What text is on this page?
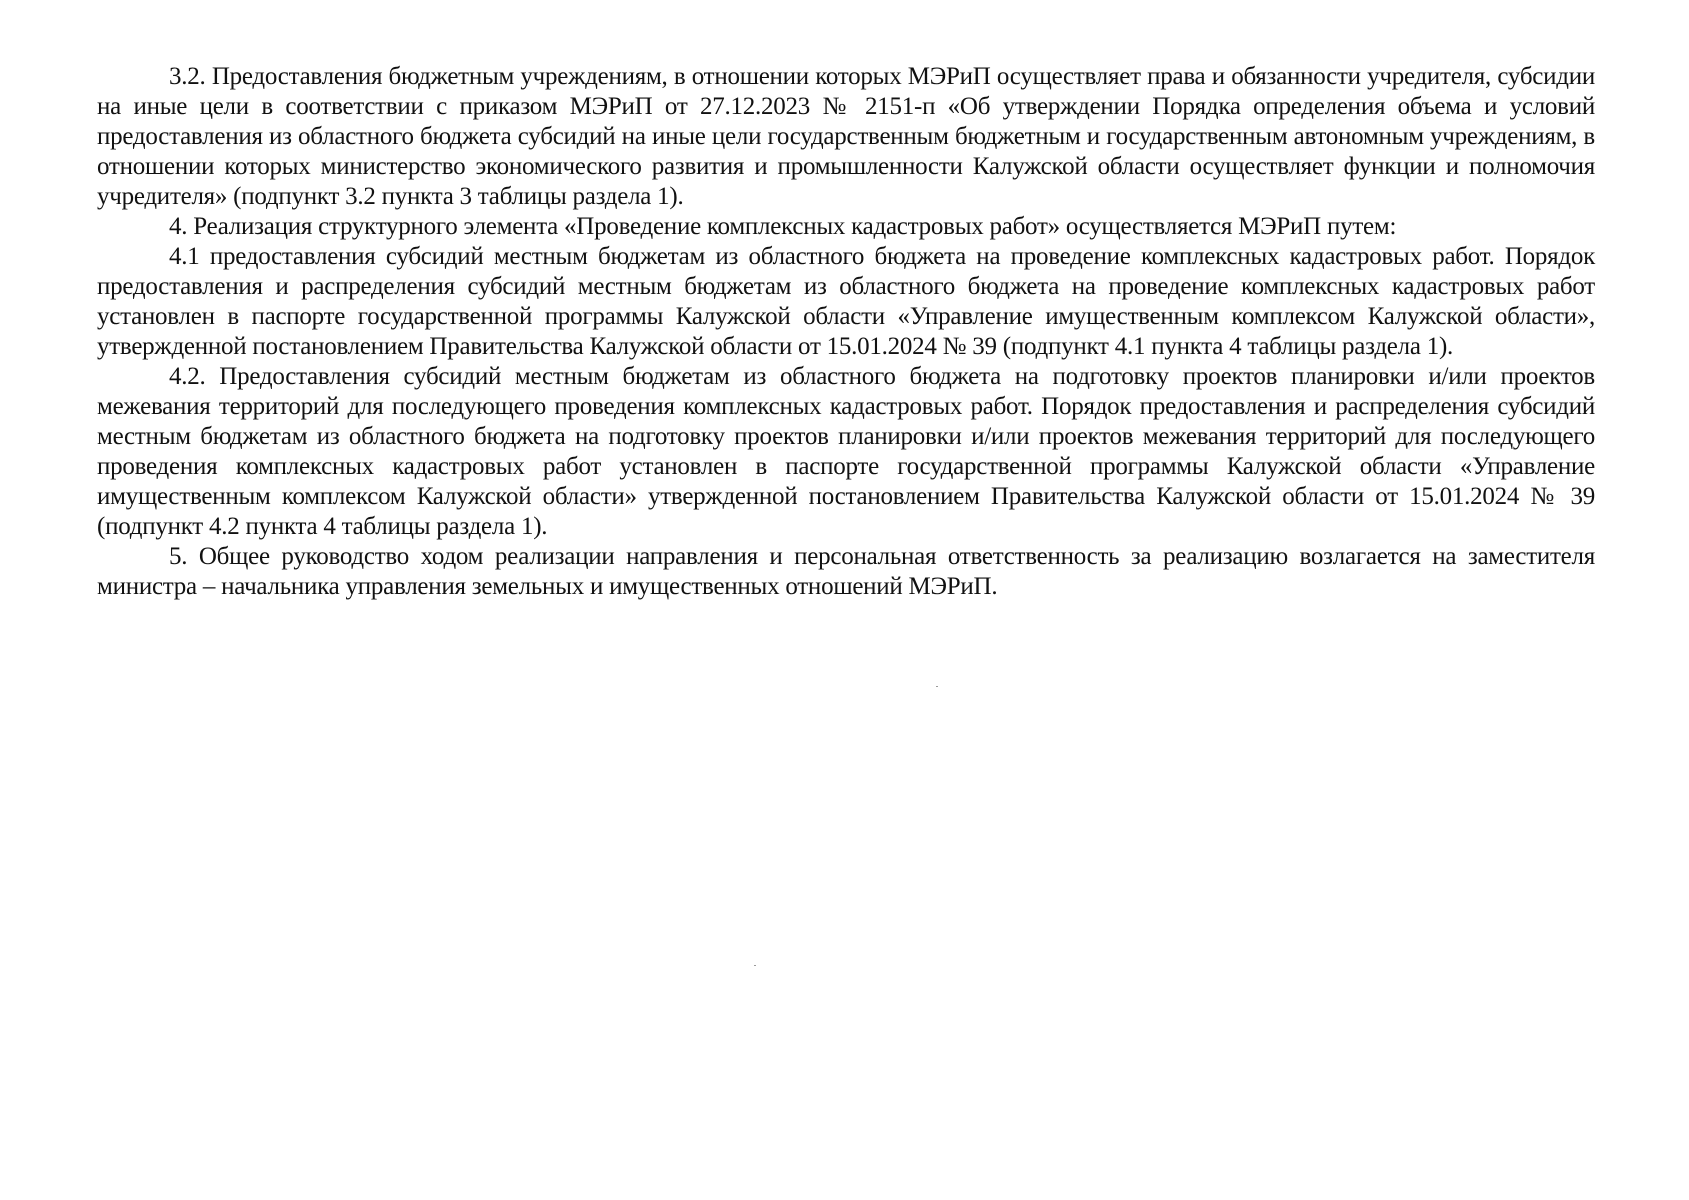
3.2. Предоставления бюджетным учреждениям, в отношении которых МЭРиП осуществляет права и обязанности учредителя, субсидии на иные цели в соответствии с приказом МЭРиП от 27.12.2023 № 2151-п «Об утверждении Порядка определения объема и условий предоставления из областного бюджета субсидий на иные цели государственным бюджетным и государственным автономным учреждениям, в отношении которых министерство экономического развития и промышленности Калужской области осуществляет функции и полномочия учредителя» (подпункт 3.2 пункта 3 таблицы раздела 1).

4. Реализация структурного элемента «Проведение комплексных кадастровых работ» осуществляется МЭРиП путем:

4.1 предоставления субсидий местным бюджетам из областного бюджета на проведение комплексных кадастровых работ. Порядок предоставления и распределения субсидий местным бюджетам из областного бюджета на проведение комплексных кадастровых работ установлен в паспорте государственной программы Калужской области «Управление имущественным комплексом Калужской области», утвержденной постановлением Правительства Калужской области от 15.01.2024 № 39 (подпункт 4.1 пункта 4 таблицы раздела 1).

4.2. Предоставления субсидий местным бюджетам из областного бюджета на подготовку проектов планировки и/или проектов межевания территорий для последующего проведения комплексных кадастровых работ. Порядок предоставления и распределения субсидий местным бюджетам из областного бюджета на подготовку проектов планировки и/или проектов межевания территорий для последующего проведения комплексных кадастровых работ установлен в паспорте государственной программы Калужской области «Управление имущественным комплексом Калужской области» утвержденной постановлением Правительства Калужской области от 15.01.2024 № 39 (подпункт 4.2 пункта 4 таблицы раздела 1).

5. Общее руководство ходом реализации направления и персональная ответственность за реализацию возлагается на заместителя министра – начальника управления земельных и имущественных отношений МЭРиП.
